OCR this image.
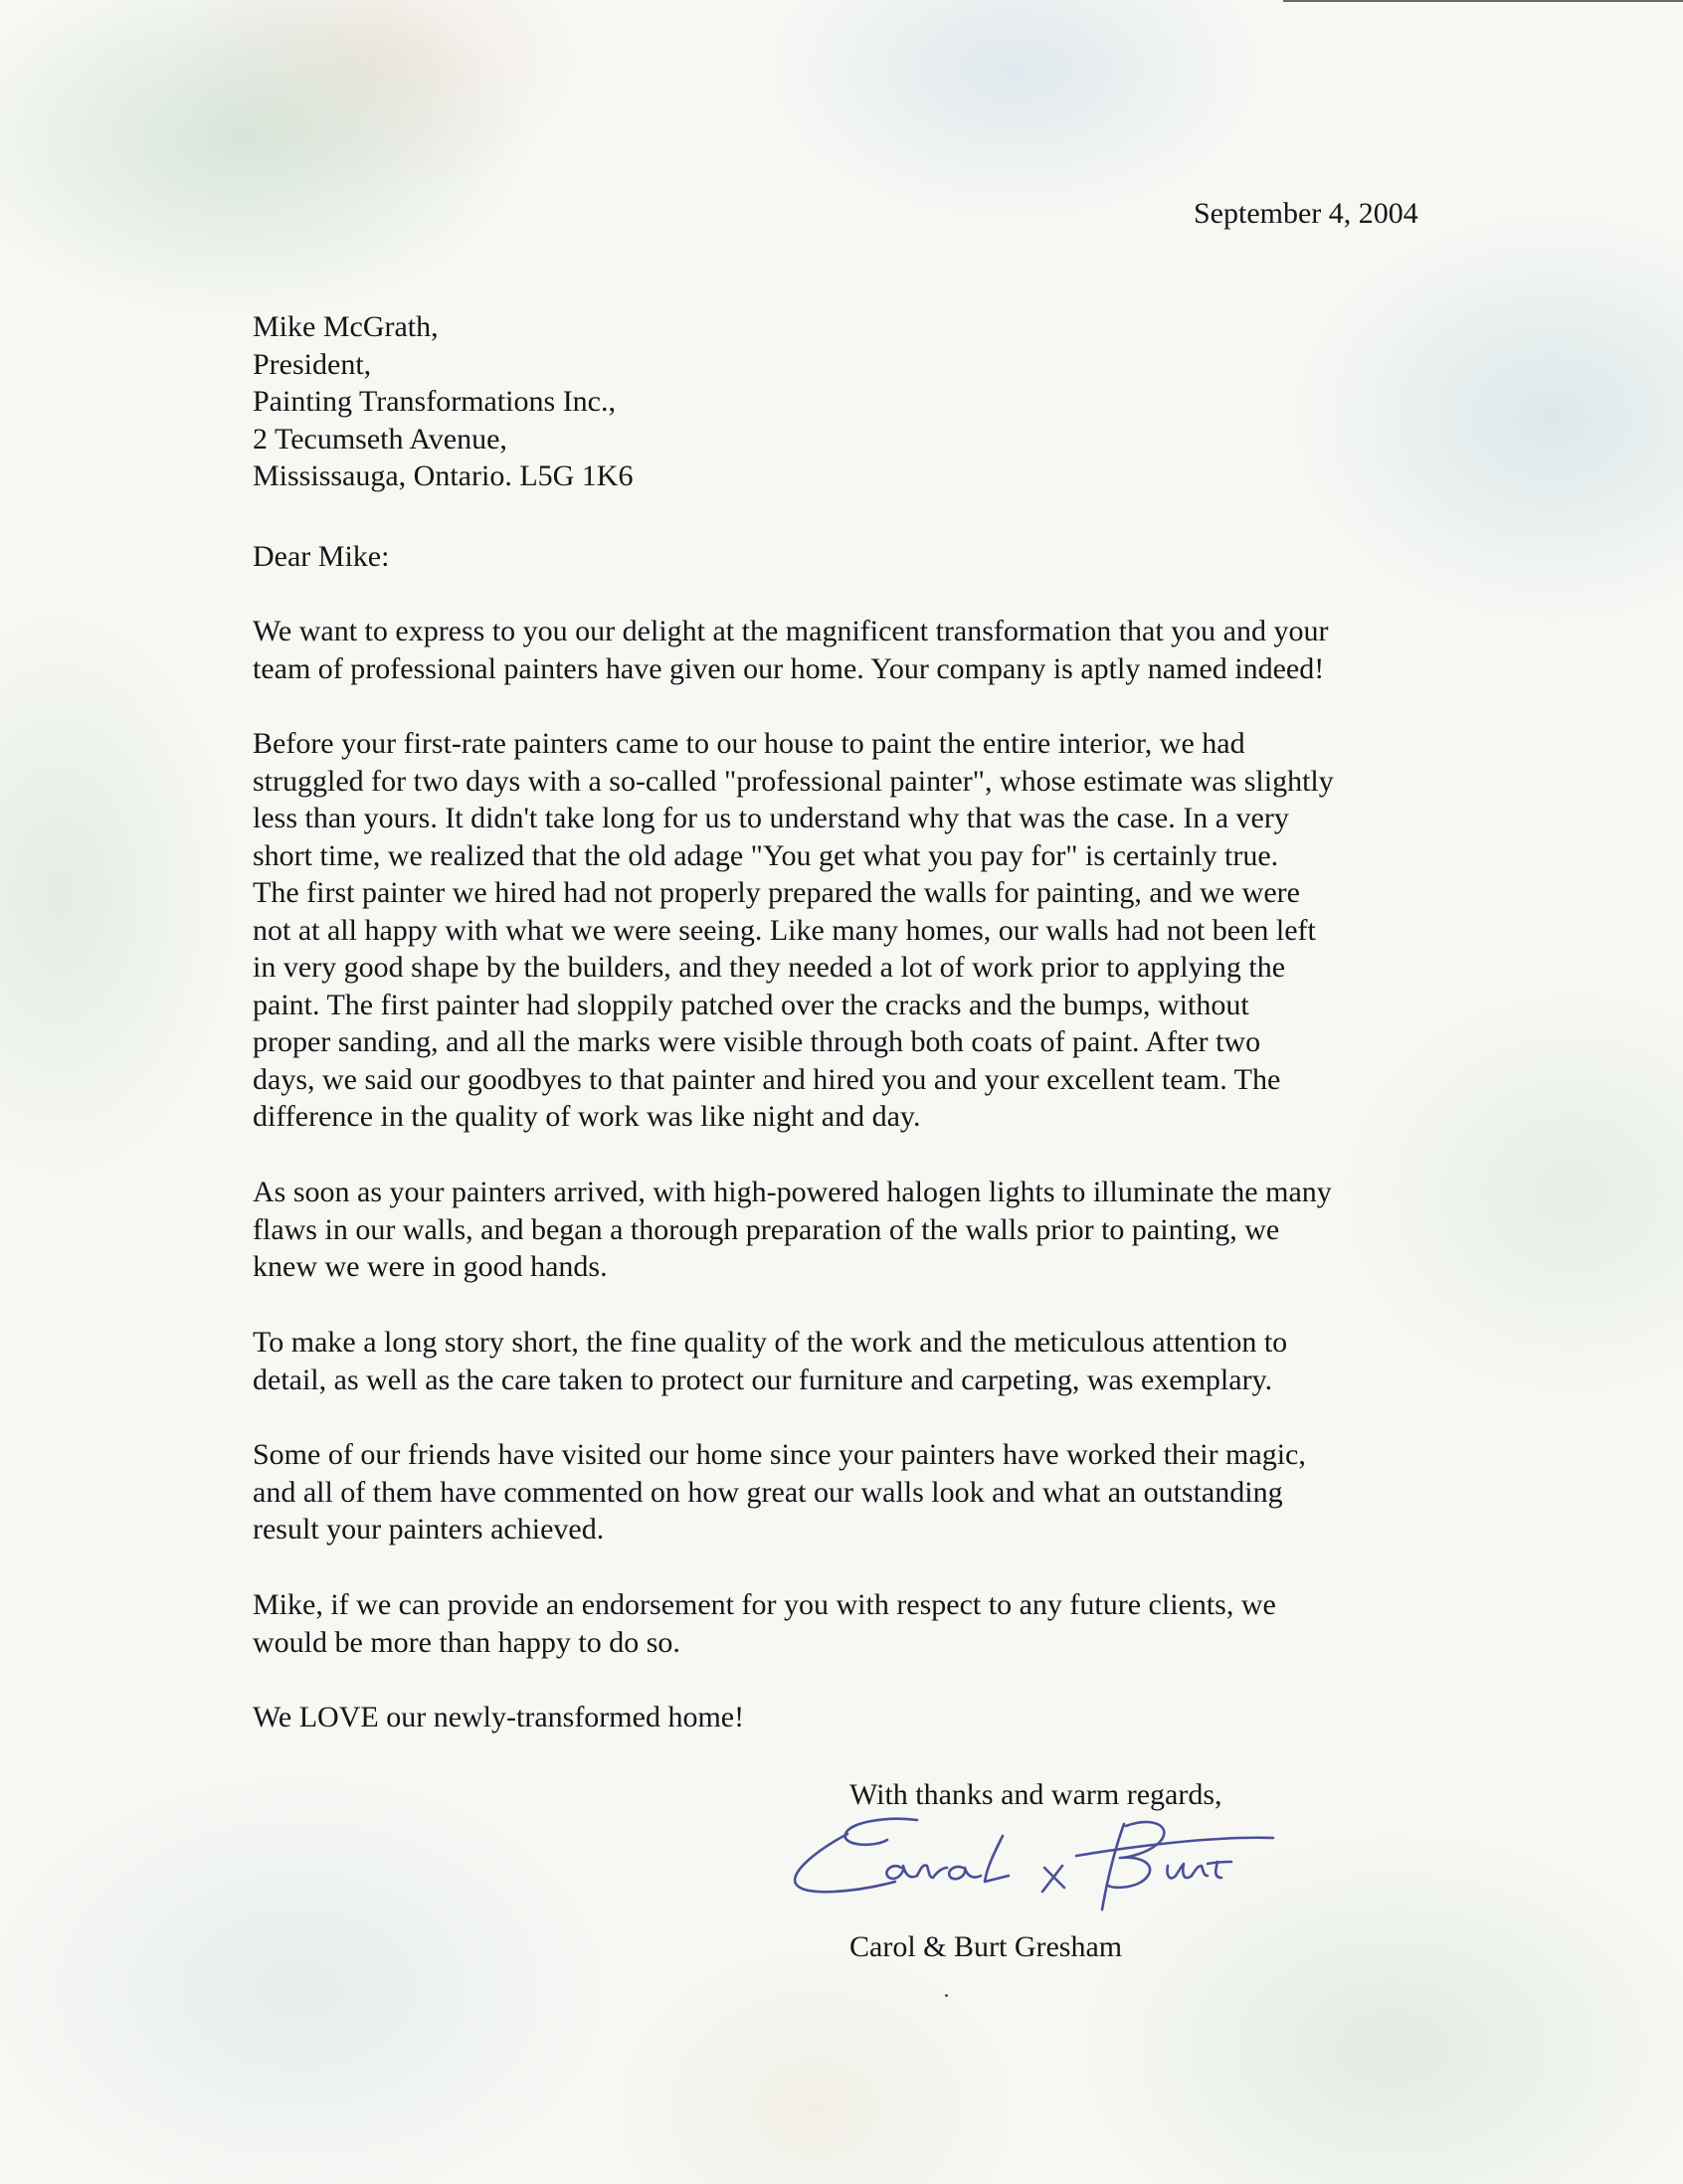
September 4, 2004
Mike McGrath,
President,
Painting Transformations Inc.,
2 Tecumseth Avenue,
Mississauga, Ontario. L5G 1K6
Dear Mike:
We want to express to you our delight at the magnificent transformation that you and your
team of professional painters have given our home. Your company is aptly named indeed!
Before your first-rate painters came to our house to paint the entire interior, we had
struggled for two days with a so-called "professional painter", whose estimate was slightly
less than yours. It didn't take long for us to understand why that was the case. In a very
short time, we realized that the old adage "You get what you pay for" is certainly true.
The first painter we hired had not properly prepared the walls for painting, and we were
not at all happy with what we were seeing. Like many homes, our walls had not been left
in very good shape by the builders, and they needed a lot of work prior to applying the
paint. The first painter had sloppily patched over the cracks and the bumps, without
proper sanding, and all the marks were visible through both coats of paint. After two
days, we said our goodbyes to that painter and hired you and your excellent team. The
difference in the quality of work was like night and day.
As soon as your painters arrived, with high-powered halogen lights to illuminate the many
flaws in our walls, and began a thorough preparation of the walls prior to painting, we
knew we were in good hands.
To make a long story short, the fine quality of the work and the meticulous attention to
detail, as well as the care taken to protect our furniture and carpeting, was exemplary.
Some of our friends have visited our home since your painters have worked their magic,
and all of them have commented on how great our walls look and what an outstanding
result your painters achieved.
Mike, if we can provide an endorsement for you with respect to any future clients, we
would be more than happy to do so.
We LOVE our newly-transformed home!
With thanks and warm regards,
Carol & Burt Gresham
